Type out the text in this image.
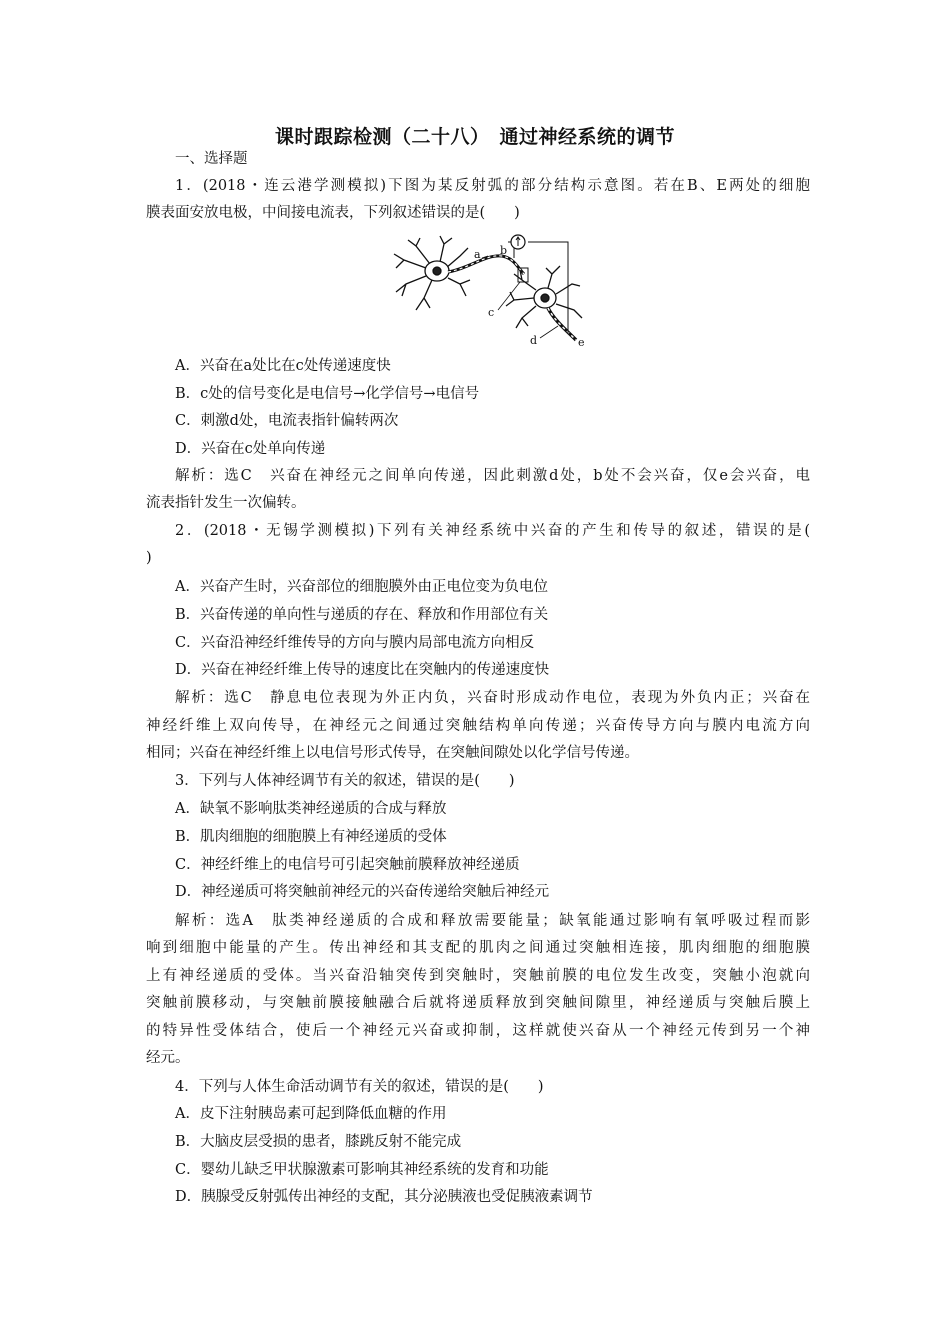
课时跟踪检测（二十八）　通过神经系统的调节
一、选择题
1．(2018・连云港学测模拟)下图为某反射弧的部分结构示意图。若在B、E两处的细胞
膜表面安放电极，中间接电流表，下列叙述错误的是(　　)
a b
c
d	e
A．兴奋在a处比在c处传递速度快
B．c处的信号变化是电信号→化学信号→电信号
C．刺激d处，电流表指针偏转两次
D．兴奋在c处单向传递
解析：选C　兴奋在神经元之间单向传递，因此刺激d处，b处不会兴奋，仅e会兴奋，电
流表指针发生一次偏转。
2．(2018・无锡学测模拟)下列有关神经系统中兴奋的产生和传导的叙述，错误的是(
)
A．兴奋产生时，兴奋部位的细胞膜外由正电位变为负电位
B．兴奋传递的单向性与递质的存在、释放和作用部位有关
C．兴奋沿神经纤维传导的方向与膜内局部电流方向相反
D．兴奋在神经纤维上传导的速度比在突触内的传递速度快
解析：选C　静息电位表现为外正内负，兴奋时形成动作电位，表现为外负内正；兴奋在
神经纤维上双向传导，在神经元之间通过突触结构单向传递；兴奋传导方向与膜内电流方向
相同；兴奋在神经纤维上以电信号形式传导，在突触间隙处以化学信号传递。
3．下列与人体神经调节有关的叙述，错误的是(　　)
A．缺氧不影响肽类神经递质的合成与释放
B．肌肉细胞的细胞膜上有神经递质的受体
C．神经纤维上的电信号可引起突触前膜释放神经递质
D．神经递质可将突触前神经元的兴奋传递给突触后神经元
解析：选A　肽类神经递质的合成和释放需要能量；缺氧能通过影响有氧呼吸过程而影
响到细胞中能量的产生。传出神经和其支配的肌肉之间通过突触相连接，肌肉细胞的细胞膜
上有神经递质的受体。当兴奋沿轴突传到突触时，突触前膜的电位发生改变，突触小泡就向
突触前膜移动，与突触前膜接触融合后就将递质释放到突触间隙里，神经递质与突触后膜上
的特异性受体结合，使后一个神经元兴奋或抑制，这样就使兴奋从一个神经元传到另一个神
经元。
4．下列与人体生命活动调节有关的叙述，错误的是(　　)
A．皮下注射胰岛素可起到降低血糖的作用
B．大脑皮层受损的患者，膝跳反射不能完成
C．婴幼儿缺乏甲状腺激素可影响其神经系统的发育和功能
D．胰腺受反射弧传出神经的支配，其分泌胰液也受促胰液素调节
